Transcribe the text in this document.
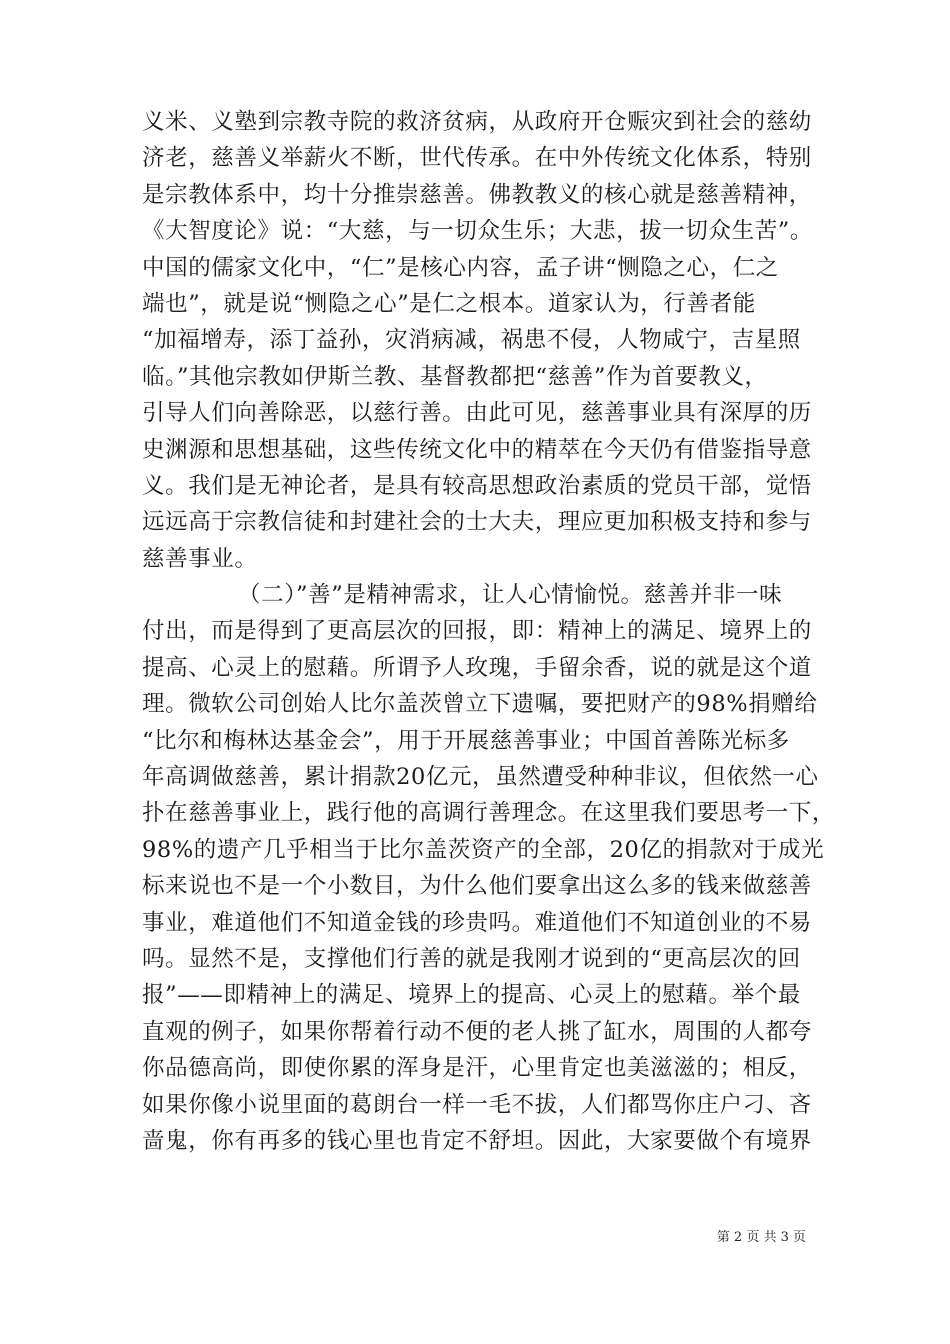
义米、义塾到宗教寺院的救济贫病，从政府开仓赈灾到社会的慈幼
济老，慈善义举薪火不断，世代传承。在中外传统文化体系，特别
是宗教体系中，均十分推崇慈善。佛教教义的核心就是慈善精神，
《大智度论》说：“大慈，与一切众生乐；大悲，拔一切众生苦”。
中国的儒家文化中，“仁”是核心内容，孟子讲“恻隐之心，仁之
端也”，就是说“恻隐之心”是仁之根本。道家认为，行善者能
“加福增寿，添丁益孙，灾消病减，祸患不侵，人物咸宁，吉星照
临。”其他宗教如伊斯兰教、基督教都把“慈善”作为首要教义，
引导人们向善除恶，以慈行善。由此可见，慈善事业具有深厚的历
史渊源和思想基础，这些传统文化中的精萃在今天仍有借鉴指导意
义。我们是无神论者，是具有较高思想政治素质的党员干部，觉悟
远远高于宗教信徒和封建社会的士大夫，理应更加积极支持和参与
慈善事业。
（二）”善”是精神需求，让人心情愉悦。慈善并非一味
付出，而是得到了更高层次的回报，即：精神上的满足、境界上的
提高、心灵上的慰藉。所谓予人玫瑰，手留余香，说的就是这个道
理。微软公司创始人比尔盖茨曾立下遗嘱，要把财产的98%捐赠给
“比尔和梅林达基金会”，用于开展慈善事业；中国首善陈光标多
年高调做慈善，累计捐款20亿元，虽然遭受种种非议，但依然一心
扑在慈善事业上，践行他的高调行善理念。在这里我们要思考一下，
98%的遗产几乎相当于比尔盖茨资产的全部，20亿的捐款对于成光
标来说也不是一个小数目，为什么他们要拿出这么多的钱来做慈善
事业，难道他们不知道金钱的珍贵吗。难道他们不知道创业的不易
吗。显然不是，支撑他们行善的就是我刚才说到的“更高层次的回
报”——即精神上的满足、境界上的提高、心灵上的慰藉。举个最
直观的例子，如果你帮着行动不便的老人挑了缸水，周围的人都夸
你品德高尚，即使你累的浑身是汗，心里肯定也美滋滋的；相反，
如果你像小说里面的葛朗台一样一毛不拔，人们都骂你庄户刁、吝
啬鬼，你有再多的钱心里也肯定不舒坦。因此，大家要做个有境界
第 2 页 共 3 页
